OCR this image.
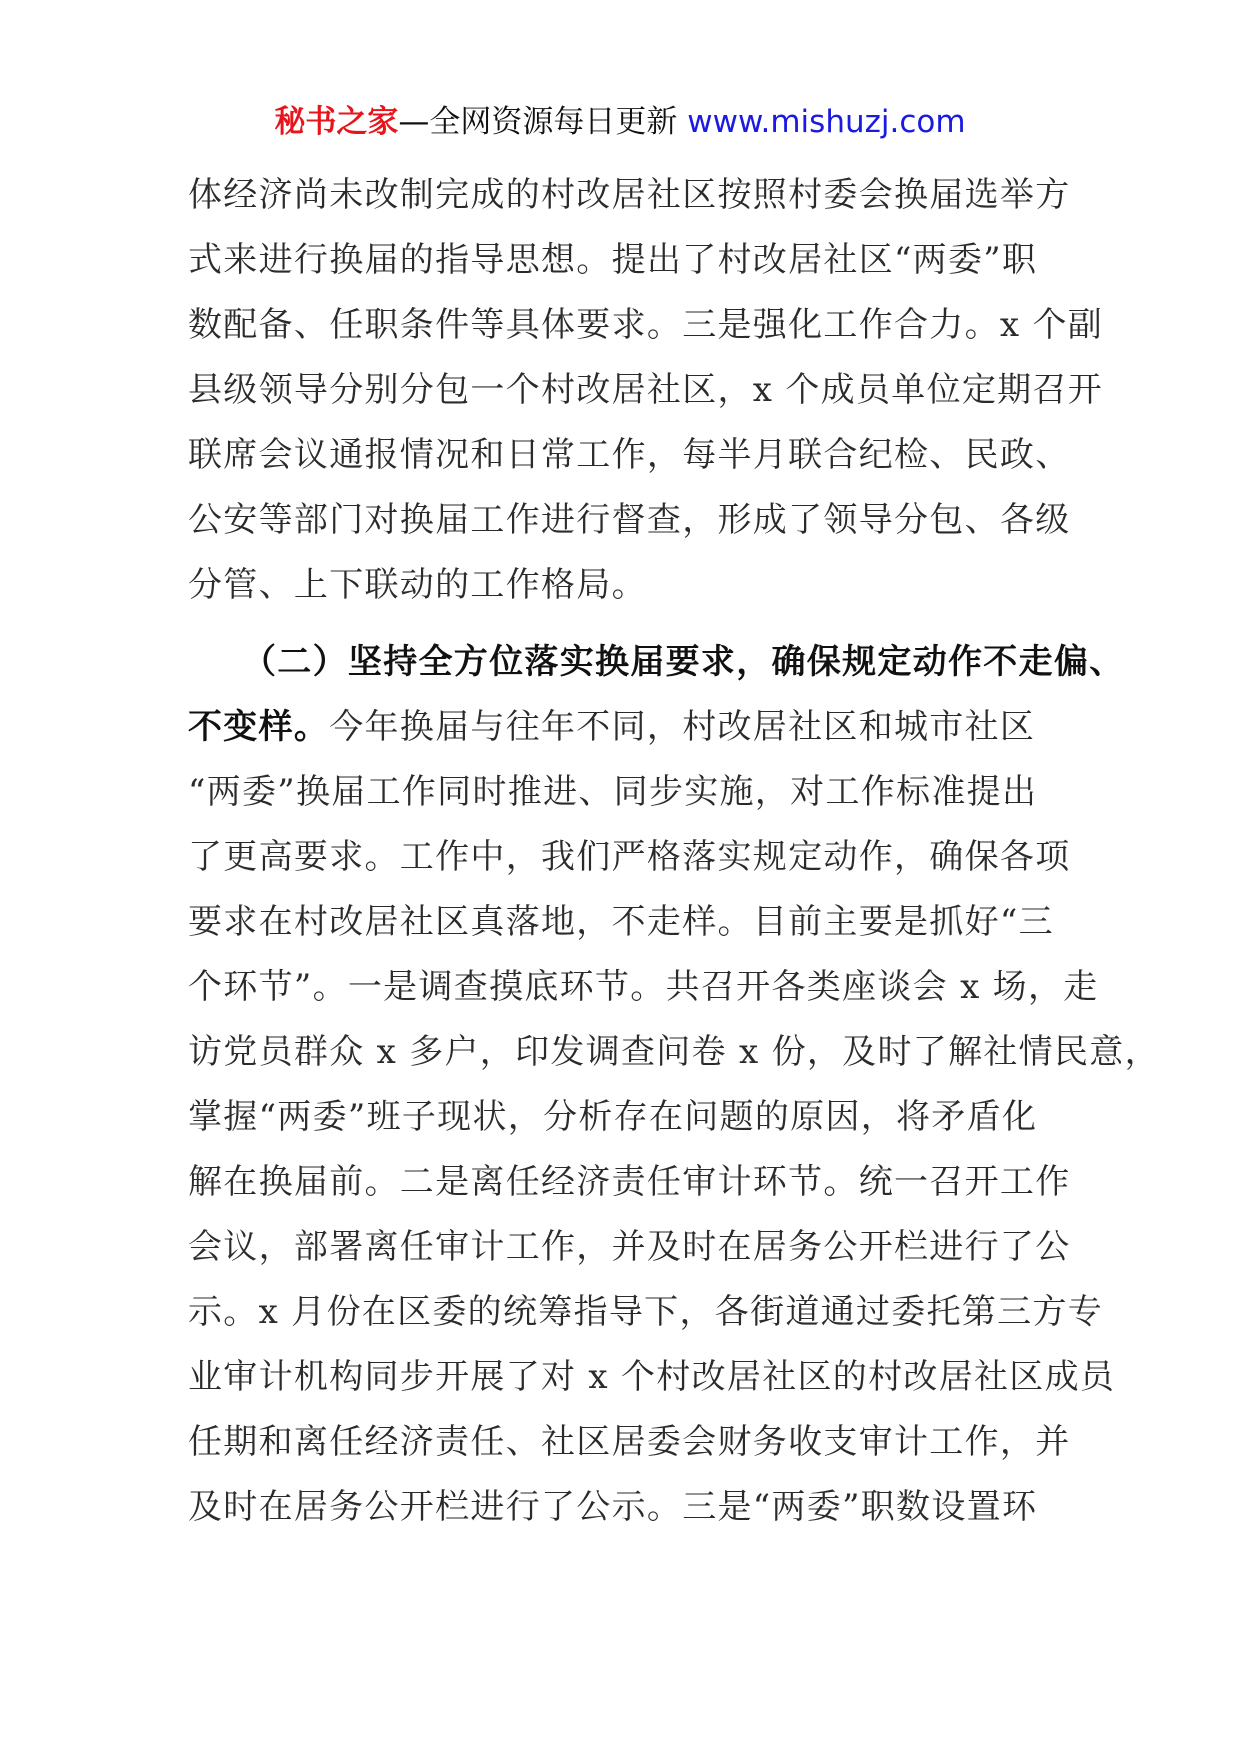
秘书之家—全网资源每日更新 www.mishuzj.com
体经济尚未改制完成的村改居社区按照村委会换届选举方
式来进行换届的指导思想。提出了村改居社区“两委”职
数配备、任职条件等具体要求。三是强化工作合力。x 个副
县级领导分别分包一个村改居社区，x 个成员单位定期召开
联席会议通报情况和日常工作，每半月联合纪检、民政、
公安等部门对换届工作进行督查，形成了领导分包、各级
分管、上下联动的工作格局。
（二）坚持全方位落实换届要求，确保规定动作不走偏、
不变样。今年换届与往年不同，村改居社区和城市社区
“两委”换届工作同时推进、同步实施，对工作标准提出
了更高要求。工作中，我们严格落实规定动作，确保各项
要求在村改居社区真落地，不走样。目前主要是抓好“三
个环节”。一是调查摸底环节。共召开各类座谈会 x 场，走
访党员群众 x 多户，印发调查问卷 x 份，及时了解社情民意，
掌握“两委”班子现状，分析存在问题的原因，将矛盾化
解在换届前。二是离任经济责任审计环节。统一召开工作
会议，部署离任审计工作，并及时在居务公开栏进行了公
示。x 月份在区委的统筹指导下，各街道通过委托第三方专
业审计机构同步开展了对 x 个村改居社区的村改居社区成员
任期和离任经济责任、社区居委会财务收支审计工作，并
及时在居务公开栏进行了公示。三是“两委”职数设置环
